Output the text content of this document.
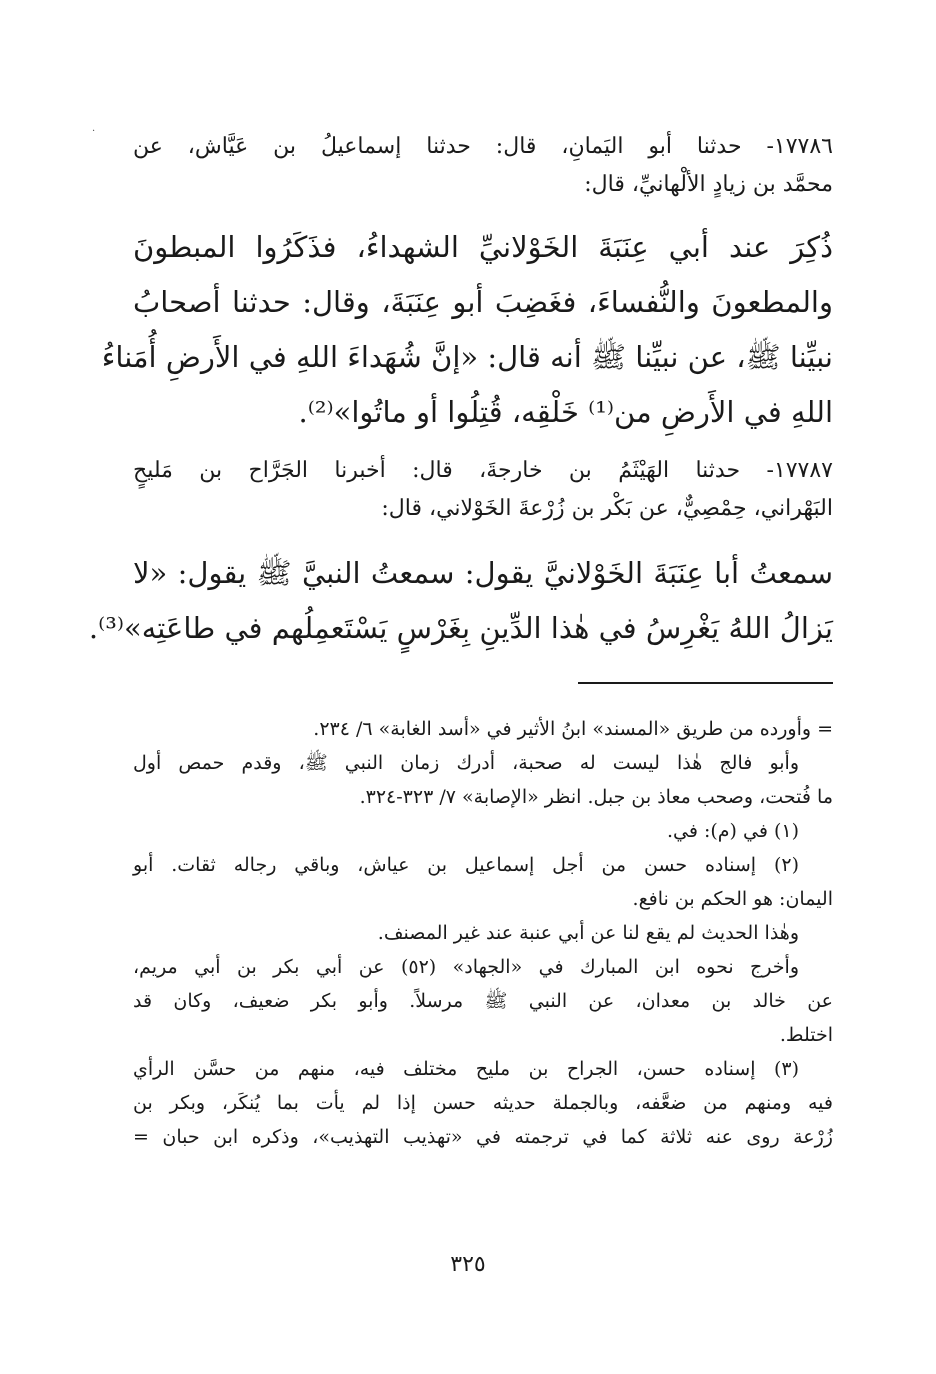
·
١٧٧٨٦- حدثنا أبو اليَمانِ، قال: حدثنا إسماعيلُ بن عَيَّاش، عن
محمَّد بن زيادٍ الألْهانيِّ، قال:
ذُكِرَ عند أبي عِنَبَةَ الخَوْلانيِّ الشهداءُ، فذَكَرُوا المبطونَ
والمطعونَ والنُّفساءَ، فغَضِبَ أبو عِنَبَةَ، وقال: حدثنا أصحابُ
نبيِّنا ﷺ، عن نبيِّنا ﷺ أنه قال: «إنَّ شُهَداءَ اللهِ في الأَرضِ أُمَناءُ
اللهِ في الأَرضِ من⁽¹⁾ خَلْقِه، قُتِلُوا أو ماتُوا»⁽²⁾.
١٧٧٨٧- حدثنا الهَيْثَمُ بن خارجةَ، قال: أخبرنا الجَرَّاح بن مَليحٍ
البَهْراني، حِمْصِيٌّ، عن بَكْر بن زُرْعةَ الخَوْلاني، قال:
سمعتُ أبا عِنَبَةَ الخَوْلانيَّ يقول: سمعتُ النبيَّ ﷺ يقول: «لا
يَزالُ اللهُ يَغْرِسُ في هٰذا الدِّينِ بِغَرْسٍ يَسْتَعمِلُهم في طاعَتِه»⁽³⁾.
= وأورده من طريق «المسند» ابنُ الأثير في «أسد الغابة» ٦/ ٢٣٤.
وأبو فالج هٰذا ليست له صحبة، أدرك زمان النبي ﷺ، وقدم حمص أول
ما فُتحت، وصحب معاذ بن جبل. انظر «الإصابة» ٧/ ٣٢٣-٣٢٤.
(١) في (م): في.
(٢) إسناده حسن من أجل إسماعيل بن عياش، وباقي رجاله ثقات. أبو
اليمان: هو الحكم بن نافع.
وهٰذا الحديث لم يقع لنا عن أبي عنبة عند غير المصنف.
وأخرج نحوه ابن المبارك في «الجهاد» (٥٢) عن أبي بكر بن أبي مريم،
عن خالد بن معدان، عن النبي ﷺ مرسلاً. وأبو بكر ضعيف، وكان قد
اختلط.
(٣) إسناده حسن، الجراح بن مليح مختلف فيه، منهم من حسَّن الرأي
فيه ومنهم من ضعَّفه، وبالجملة حديثه حسن إذا لم يأت بما يُنكَر، وبكر بن
زُرْعة روى عنه ثلاثة كما في ترجمته في «تهذيب التهذيب»، وذكره ابن حبان =
٣٢٥
